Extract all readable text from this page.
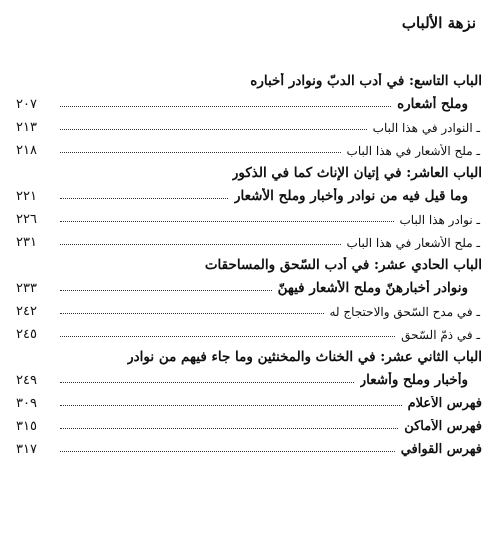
نزهة الألباب
الباب التاسع: في أدب الدبّ ونوادر أخباره
وملح أشعاره
٢٠٧
ـ النوادر في هذا الباب
٢١٣
ـ ملح الأشعار في هذا الباب
٢١٨
الباب العاشر: في إتيان الإناث كما في الذكور
وما قيل فيه من نوادر وأخبار وملح الأشعار
٢٢١
ـ نوادر هذا الباب
٢٢٦
ـ ملح الأشعار في هذا الباب
٢٣١
الباب الحادي عشر: في أدب السّحق والمساحقات
ونوادر أخبارهنّ وملح الأشعار فيهنّ
٢٣٣
ـ في مدح السّحق والاحتجاج له
٢٤٢
ـ في ذمّ السّحق
٢٤٥
الباب الثاني عشر: في الخناث والمخنثين وما جاء فيهم من نوادر
وأخبار وملح وأشعار
٢٤٩
فهرس الأعلام
٣٠٩
فهرس الأماكن
٣١٥
فهرس القوافي
٣١٧
